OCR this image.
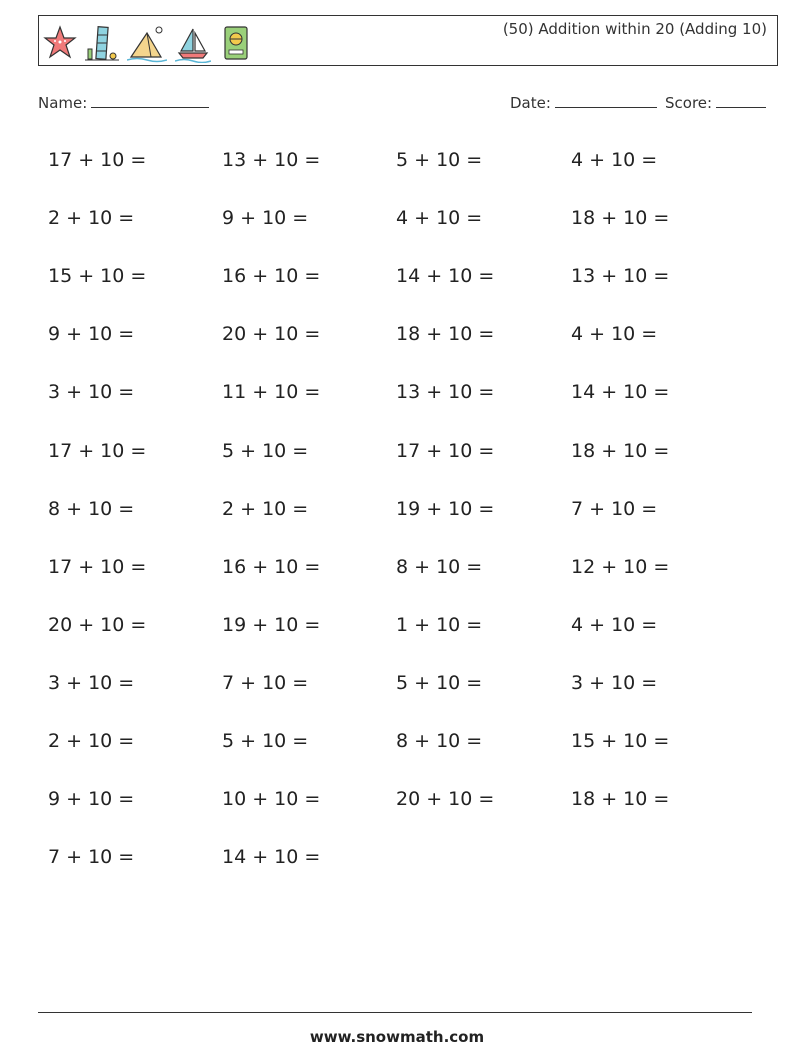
(50) Addition within 20 (Adding 10)
Name:	Date:	Score:
17 + 10 =	13 + 10 =	5 + 10 =	4 + 10 =
2 + 10 =	9 + 10 =	4 + 10 =	18 + 10 =
15 + 10 =	16 + 10 =	14 + 10 =	13 + 10 =
9 + 10 =	20 + 10 =	18 + 10 =	4 + 10 =
3 + 10 =	11 + 10 =	13 + 10 =	14 + 10 =
17 + 10 =	5 + 10 =	17 + 10 =	18 + 10 =
8 + 10 =	2 + 10 =	19 + 10 =	7 + 10 =
17 + 10 =	16 + 10 =	8 + 10 =	12 + 10 =
20 + 10 =	19 + 10 =	1 + 10 =	4 + 10 =
3 + 10 =	7 + 10 =	5 + 10 =	3 + 10 =
2 + 10 =	5 + 10 =	8 + 10 =	15 + 10 =
9 + 10 =	10 + 10 =	20 + 10 =	18 + 10 =
7 + 10 =	14 + 10 =
www.snowmath.com
